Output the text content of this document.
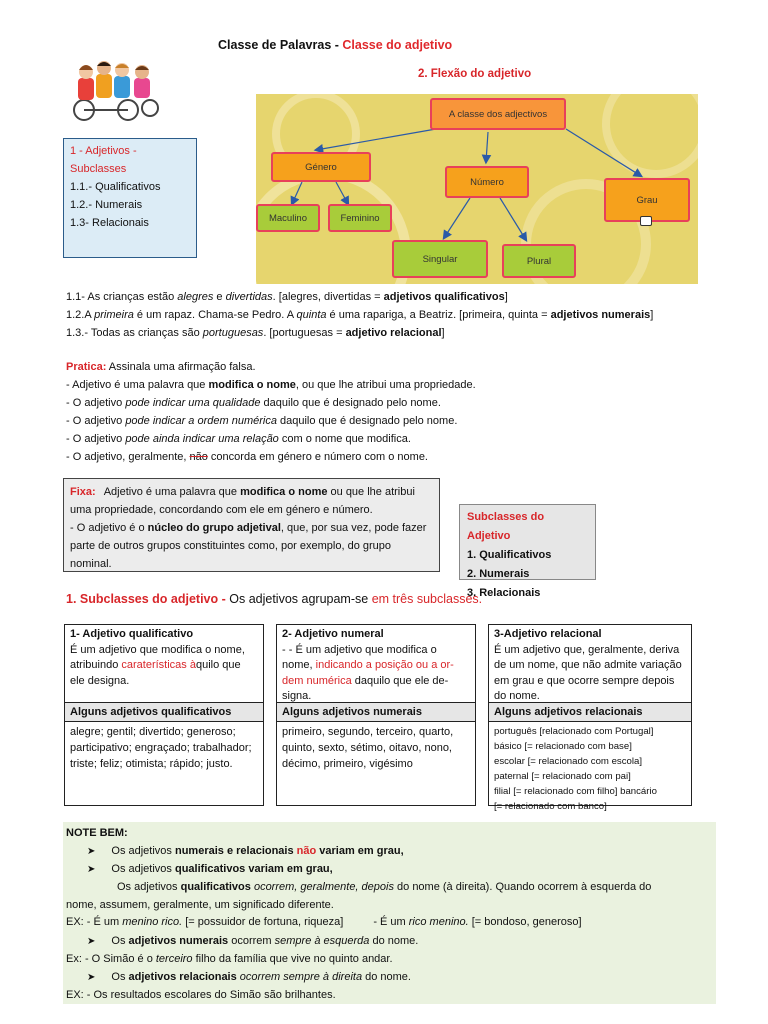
Classe de Palavras - Classe do adjetivo
1 - Adjetivos - Subclasses
1.1.- Qualificativos
1.2.- Numerais
1.3- Relacionais
2. Flexão do adjetivo
A classe dos adjectivos
Género
Número
Grau
Maculino	Feminino
Singular	Plural
1.1- As crianças estão alegres e divertidas. [alegres, divertidas = adjetivos qualificativos]
1.2.A primeira é um rapaz. Chama-se Pedro. A quinta é uma rapariga, a Beatriz. [primeira, quinta = adjetivos numerais]
1.3.- Todas as crianças são portuguesas. [portuguesas = adjetivo relacional]
Pratica: Assinala uma afirmação falsa.
- Adjetivo é uma palavra que modifica o nome, ou que lhe atribui uma propriedade.
- O adjetivo pode indicar uma qualidade daquilo que é designado pelo nome.
- O adjetivo pode indicar a ordem numérica daquilo que é designado pelo nome.
- O adjetivo pode ainda indicar uma relação com o nome que modifica.
- O adjetivo, geralmente, não concorda em género e número com o nome.
Fixa: Adjetivo é uma palavra que modifica o nome ou que lhe atribui uma propriedade, concordando com ele em género e número.
- O adjetivo é o núcleo do grupo adjetival, que, por sua vez, pode fazer parte de outros grupos constituintes como, por exemplo, do grupo nominal.
Subclasses do Adjetivo
1. Qualificativos
2. Numerais
3. Relacionais
1. Subclasses do adjetivo - Os adjetivos agrupam-se em três subclasses.
1- Adjetivo qualificativo
É um adjetivo que modifica o nome, atribuindo caraterísticas àquilo que ele designa.
Alguns adjetivos qualificativos
alegre; gentil; divertido; generoso; participativo; engraçado; trabalhador; triste; feliz; otimista; rápido; justo.
2- Adjetivo numeral
- - É um adjetivo que modifica o nome, indicando a posição ou a or-dem numérica daquilo que ele de-signa.
Alguns adjetivos numerais
primeiro, segundo, terceiro, quarto, quinto, sexto, sétimo, oitavo, nono, décimo, primeiro, vigésimo
3-Adjetivo relacional
É um adjetivo que, geralmente, deriva de um nome, que não admite variação em grau e que ocorre sempre depois do nome.
Alguns adjetivos relacionais
português [relacionado com Portugal]
básico [= relacionado com base]
escolar [= relacionado com escola]
paternal [= relacionado com pai]
filial [= relacionado com filho] bancário
[= relacionado com banco]
NOTE BEM:
➤ Os adjetivos numerais e relacionais não variam em grau,
➤ Os adjetivos qualificativos variam em grau,
Os adjetivos qualificativos ocorrem, geralmente, depois do nome (à direita). Quando ocorrem à esquerda do
nome, assumem, geralmente, um significado diferente.
EX: - É um menino rico. [= possuidor de fortuna, riqueza]	- É um rico menino. [= bondoso, generoso]
➤ Os adjetivos numerais ocorrem sempre à esquerda do nome.
Ex: - O Simão é o terceiro filho da família que vive no quinto andar.
➤ Os adjetivos relacionais ocorrem sempre à direita do nome.
EX: - Os resultados escolares do Simão são brilhantes.
